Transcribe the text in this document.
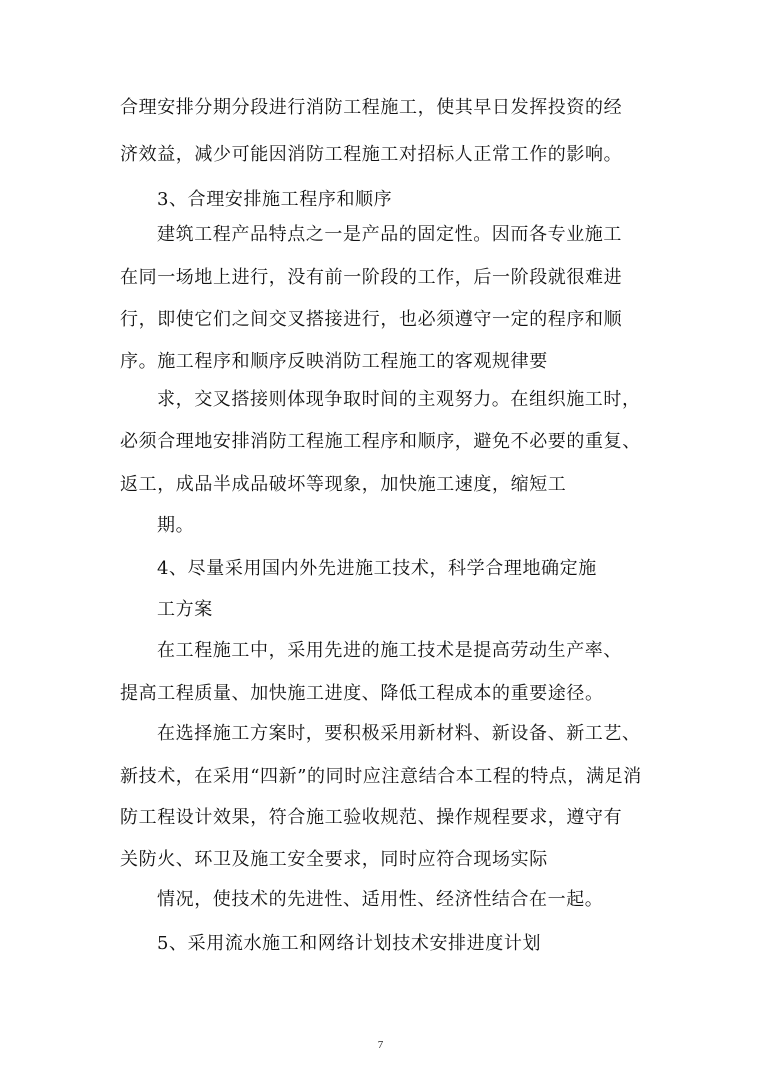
合理安排分期分段进行消防工程施工，使其早日发挥投资的经
济效益，减少可能因消防工程施工对招标人正常工作的影响。
3、合理安排施工程序和顺序
建筑工程产品特点之一是产品的固定性。因而各专业施工
在同一场地上进行，没有前一阶段的工作，后一阶段就很难进
行，即使它们之间交叉搭接进行，也必须遵守一定的程序和顺
序。施工程序和顺序反映消防工程施工的客观规律要
求，交叉搭接则体现争取时间的主观努力。在组织施工时，
必须合理地安排消防工程施工程序和顺序，避免不必要的重复、
返工，成品半成品破坏等现象，加快施工速度，缩短工
期。
4、尽量采用国内外先进施工技术，科学合理地确定施
工方案
在工程施工中，采用先进的施工技术是提高劳动生产率、
提高工程质量、加快施工进度、降低工程成本的重要途径。
在选择施工方案时，要积极采用新材料、新设备、新工艺、
新技术，在采用“四新”的同时应注意结合本工程的特点，满足消
防工程设计效果，符合施工验收规范、操作规程要求，遵守有
关防火、环卫及施工安全要求，同时应符合现场实际
情况，使技术的先进性、适用性、经济性结合在一起。
5、采用流水施工和网络计划技术安排进度计划
7
